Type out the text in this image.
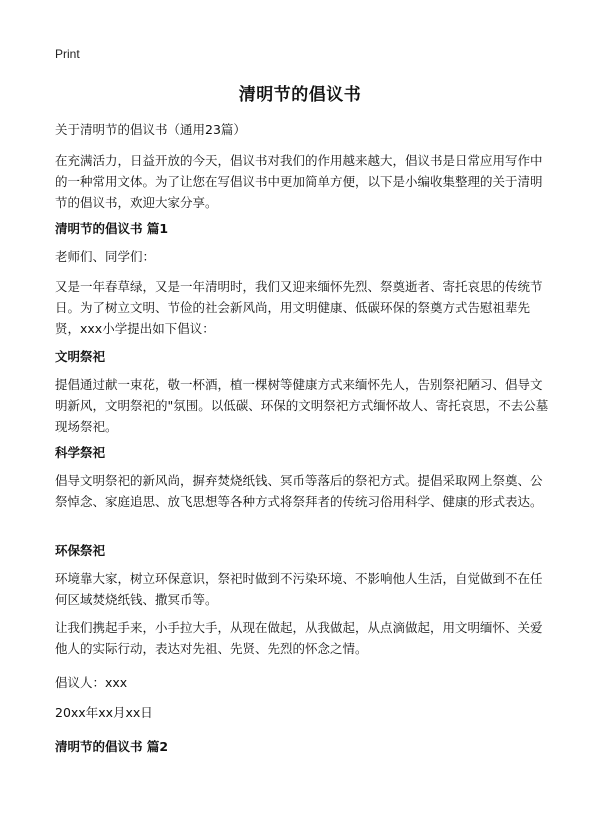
Print
清明节的倡议书

关于清明节的倡议书（通用23篇）

在充满活力，日益开放的今天，倡议书对我们的作用越来越大，倡议书是日常应用写作中的一种常用文体。为了让您在写倡议书中更加简单方便，以下是小编收集整理的关于清明节的倡议书，欢迎大家分享。

清明节的倡议书 篇1

老师们、同学们：

又是一年春草绿，又是一年清明时，我们又迎来缅怀先烈、祭奠逝者、寄托哀思的传统节日。为了树立文明、节俭的社会新风尚，用文明健康、低碳环保的祭奠方式告慰祖辈先贤，xxx小学提出如下倡议：

文明祭祀

提倡通过献一束花，敬一杯酒，植一棵树等健康方式来缅怀先人，告别祭祀陋习、倡导文明新风，文明祭祀的"氛围。以低碳、环保的文明祭祀方式缅怀故人、寄托哀思，不去公墓现场祭祀。

科学祭祀

倡导文明祭祀的新风尚，摒弃焚烧纸钱、冥币等落后的祭祀方式。提倡采取网上祭奠、公祭悼念、家庭追思、放飞思想等各种方式将祭拜者的传统习俗用科学、健康的形式表达。

环保祭祀

环境靠大家，树立环保意识，祭祀时做到不污染环境、不影响他人生活，自觉做到不在任何区域焚烧纸钱、撒冥币等。

让我们携起手来，小手拉大手，从现在做起，从我做起，从点滴做起，用文明缅怀、关爱他人的实际行动，表达对先祖、先贤、先烈的怀念之情。

倡议人：xxx

20xx年xx月xx日

清明节的倡议书 篇2
